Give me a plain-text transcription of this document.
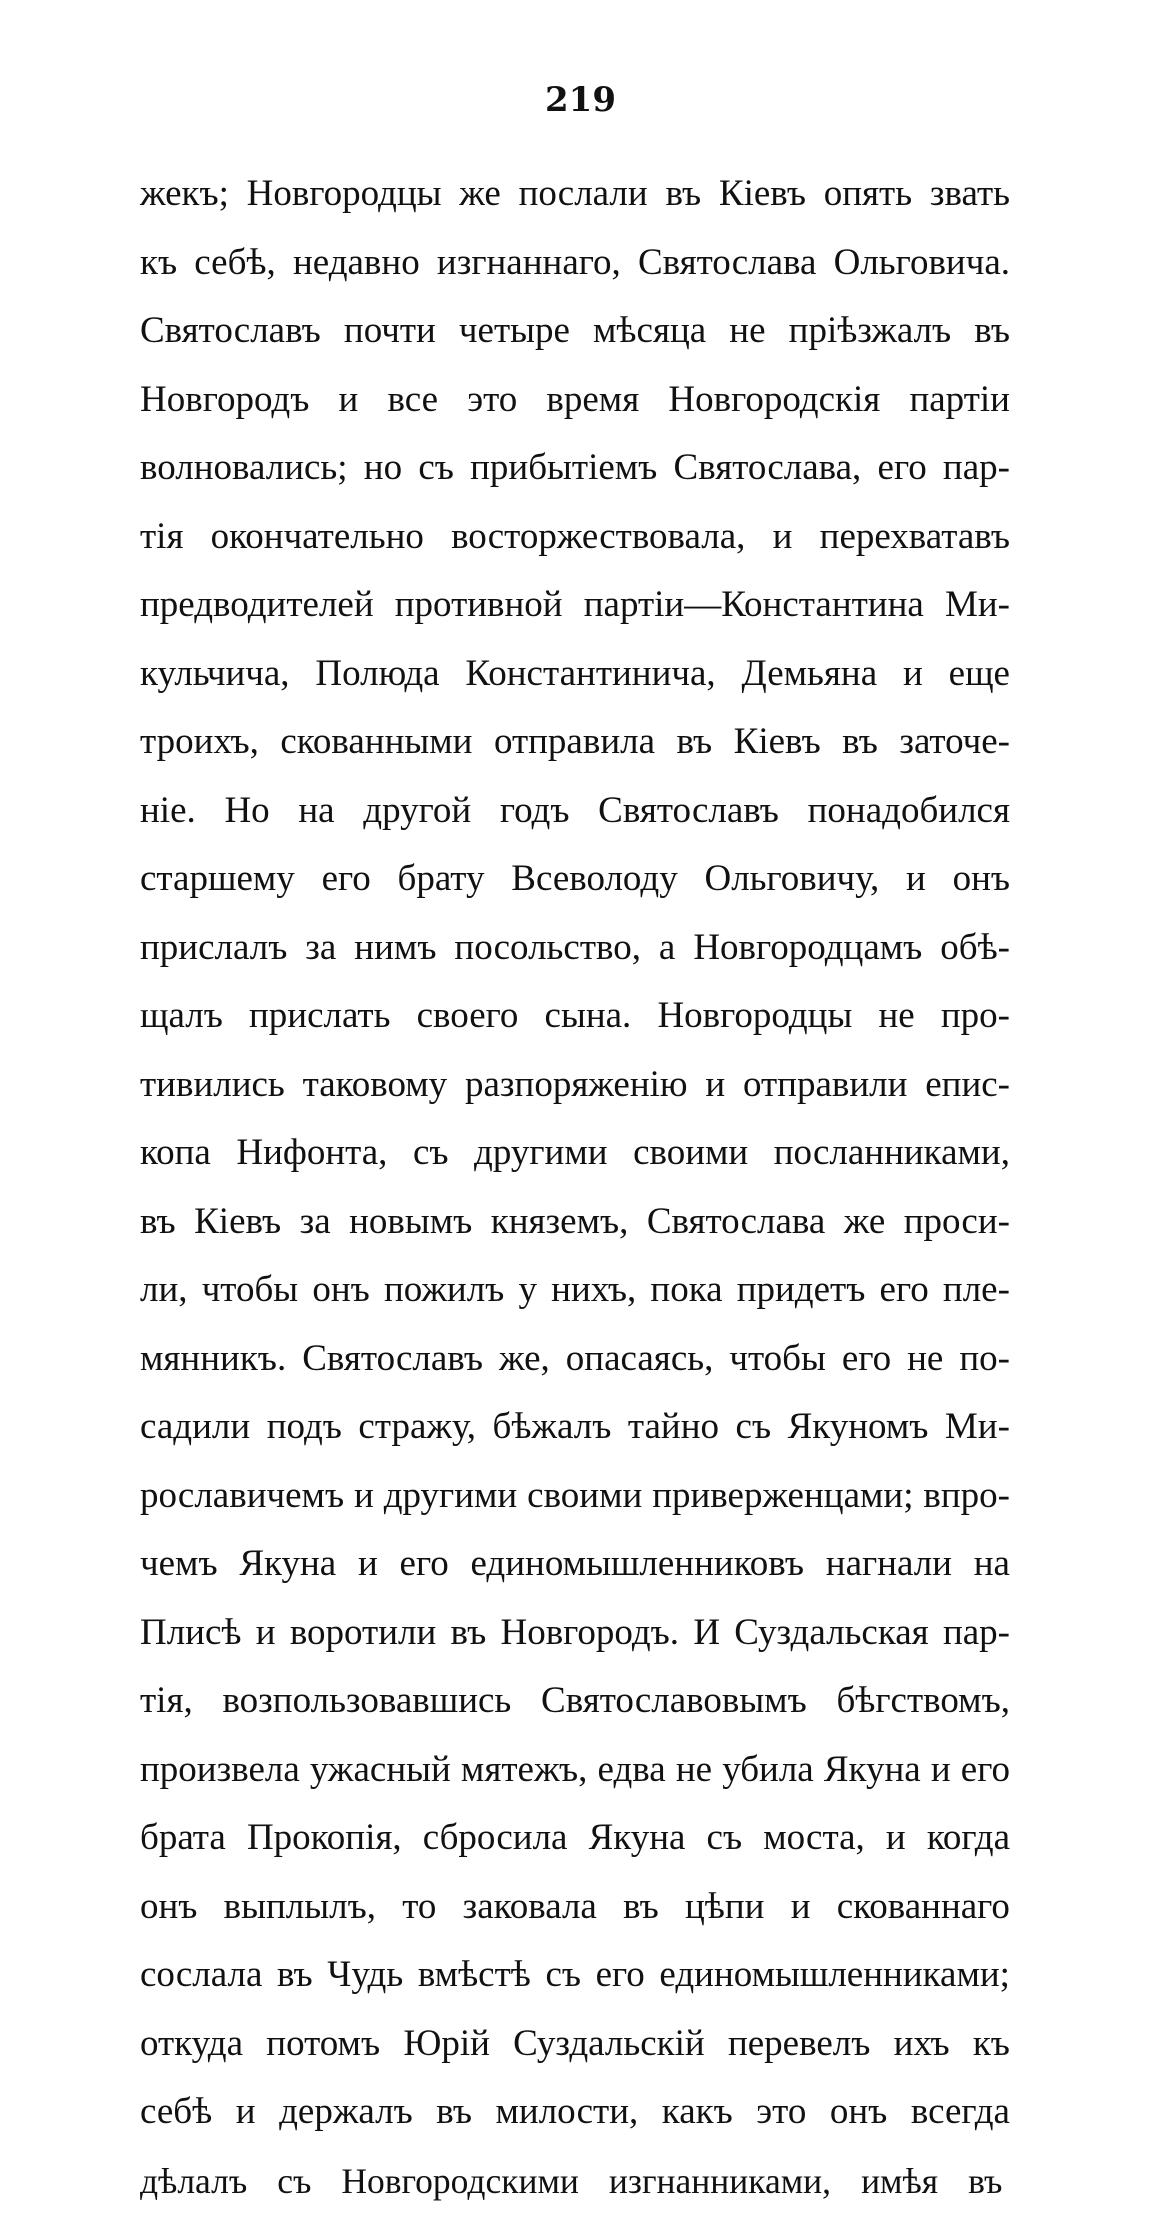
219
жекъ; Новгородцы же послали въ Кіевъ опять звать
къ себѣ, недавно изгнаннаго, Святослава Ольговича.
Святославъ почти четыре мѣсяца не пріѣзжалъ въ
Новгородъ и все это время Новгородскія партіи
волновались; но съ прибытіемъ Святослава, его пар-
тія окончательно восторжествовала, и перехватавъ
предводителей противной партіи—Константина Ми-
кульчича, Полюда Константинича, Демьяна и еще
троихъ, скованными отправила въ Кіевъ въ заточе-
ніе. Но на другой годъ Святославъ понадобился
старшему его брату Всеволоду Ольговичу, и онъ
прислалъ за нимъ посольство, а Новгородцамъ обѣ-
щалъ прислать своего сына. Новгородцы не про-
тивились таковому разпоряженію и отправили епис-
копа Нифонта, съ другими своими посланниками,
въ Кіевъ за новымъ княземъ, Святослава же проси-
ли, чтобы онъ пожилъ у нихъ, пока придетъ его пле-
мянникъ. Святославъ же, опасаясь, чтобы его не по-
садили подъ стражу, бѣжалъ тайно съ Якуномъ Ми-
рославичемъ и другими своими приверженцами; впро-
чемъ Якуна и его единомышленниковъ нагнали на
Плисѣ и воротили въ Новгородъ. И Суздальская пар-
тія, возпользовавшись Святославовымъ бѣгствомъ,
произвела ужасный мятежъ, едва не убила Якуна и его
брата Прокопія, сбросила Якуна съ моста, и когда
онъ выплылъ, то заковала въ цѣпи и скованнаго
сослала въ Чудь вмѣстѣ съ его единомышленниками;
откуда потомъ Юрій Суздальскій перевелъ ихъ къ
себѣ и держалъ въ милости, какъ это онъ всегда
дѣлалъ съ Новгородскими изгнанниками, имѣя въ
